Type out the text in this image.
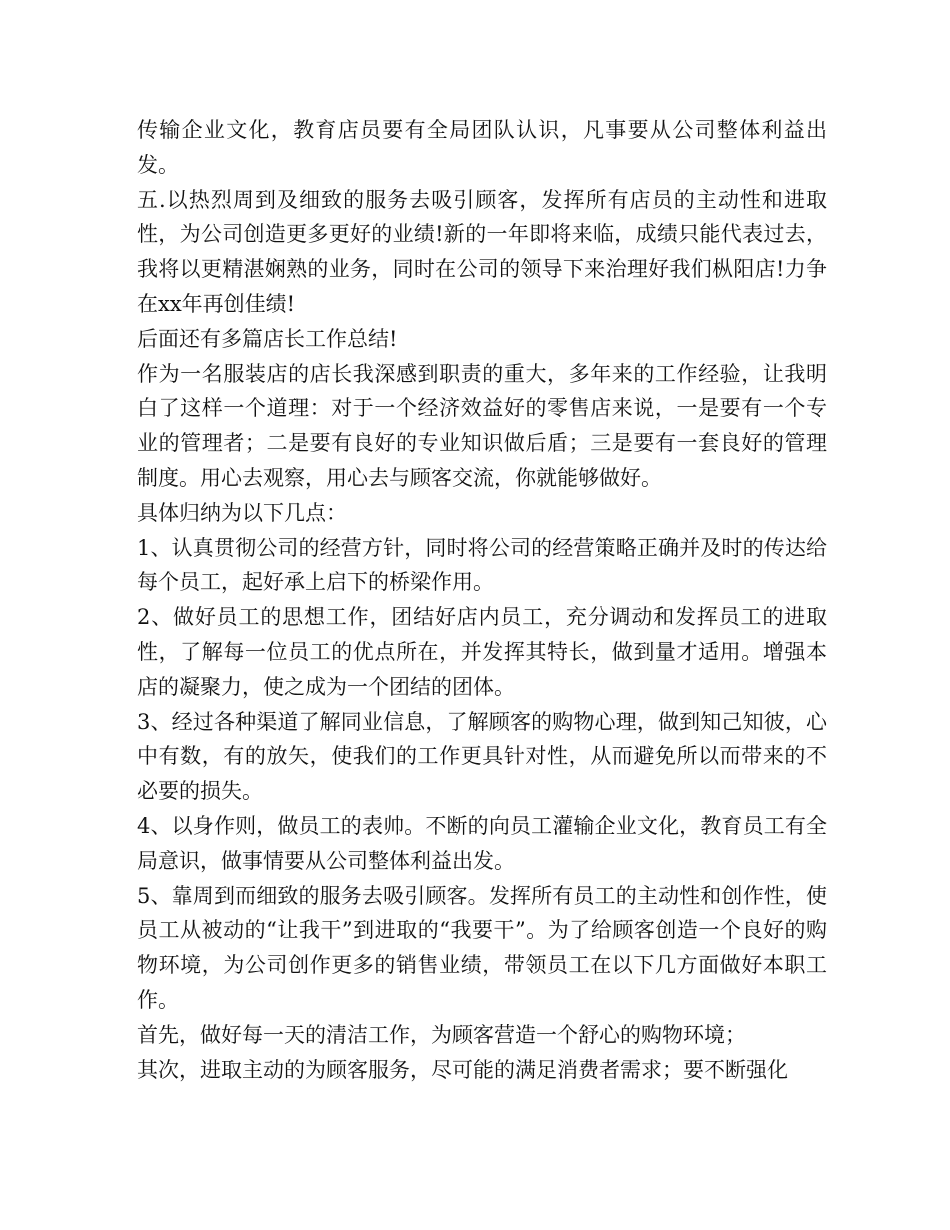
传输企业文化，教育店员要有全局团队认识，凡事要从公司整体利益出发。

五.以热烈周到及细致的服务去吸引顾客，发挥所有店员的主动性和进取性，为公司创造更多更好的业绩!新的一年即将来临，成绩只能代表过去，我将以更精湛娴熟的业务，同时在公司的领导下来治理好我们枞阳店!力争在xx年再创佳绩!

后面还有多篇店长工作总结!

作为一名服装店的店长我深感到职责的重大，多年来的工作经验，让我明白了这样一个道理：对于一个经济效益好的零售店来说，一是要有一个专业的管理者；二是要有良好的专业知识做后盾；三是要有一套良好的管理制度。用心去观察，用心去与顾客交流，你就能够做好。

具体归纳为以下几点：

1、认真贯彻公司的经营方针，同时将公司的经营策略正确并及时的传达给每个员工，起好承上启下的桥梁作用。

2、做好员工的思想工作，团结好店内员工，充分调动和发挥员工的进取性，了解每一位员工的优点所在，并发挥其特长，做到量才适用。增强本店的凝聚力，使之成为一个团结的团体。

3、经过各种渠道了解同业信息，了解顾客的购物心理，做到知己知彼，心中有数，有的放矢，使我们的工作更具针对性，从而避免所以而带来的不必要的损失。

4、以身作则，做员工的表帅。不断的向员工灌输企业文化，教育员工有全局意识，做事情要从公司整体利益出发。

5、靠周到而细致的服务去吸引顾客。发挥所有员工的主动性和创作性，使员工从被动的“让我干”到进取的“我要干”。为了给顾客创造一个良好的购物环境，为公司创作更多的销售业绩，带领员工在以下几方面做好本职工作。

首先，做好每一天的清洁工作，为顾客营造一个舒心的购物环境；

其次，进取主动的为顾客服务，尽可能的满足消费者需求；要不断强化
